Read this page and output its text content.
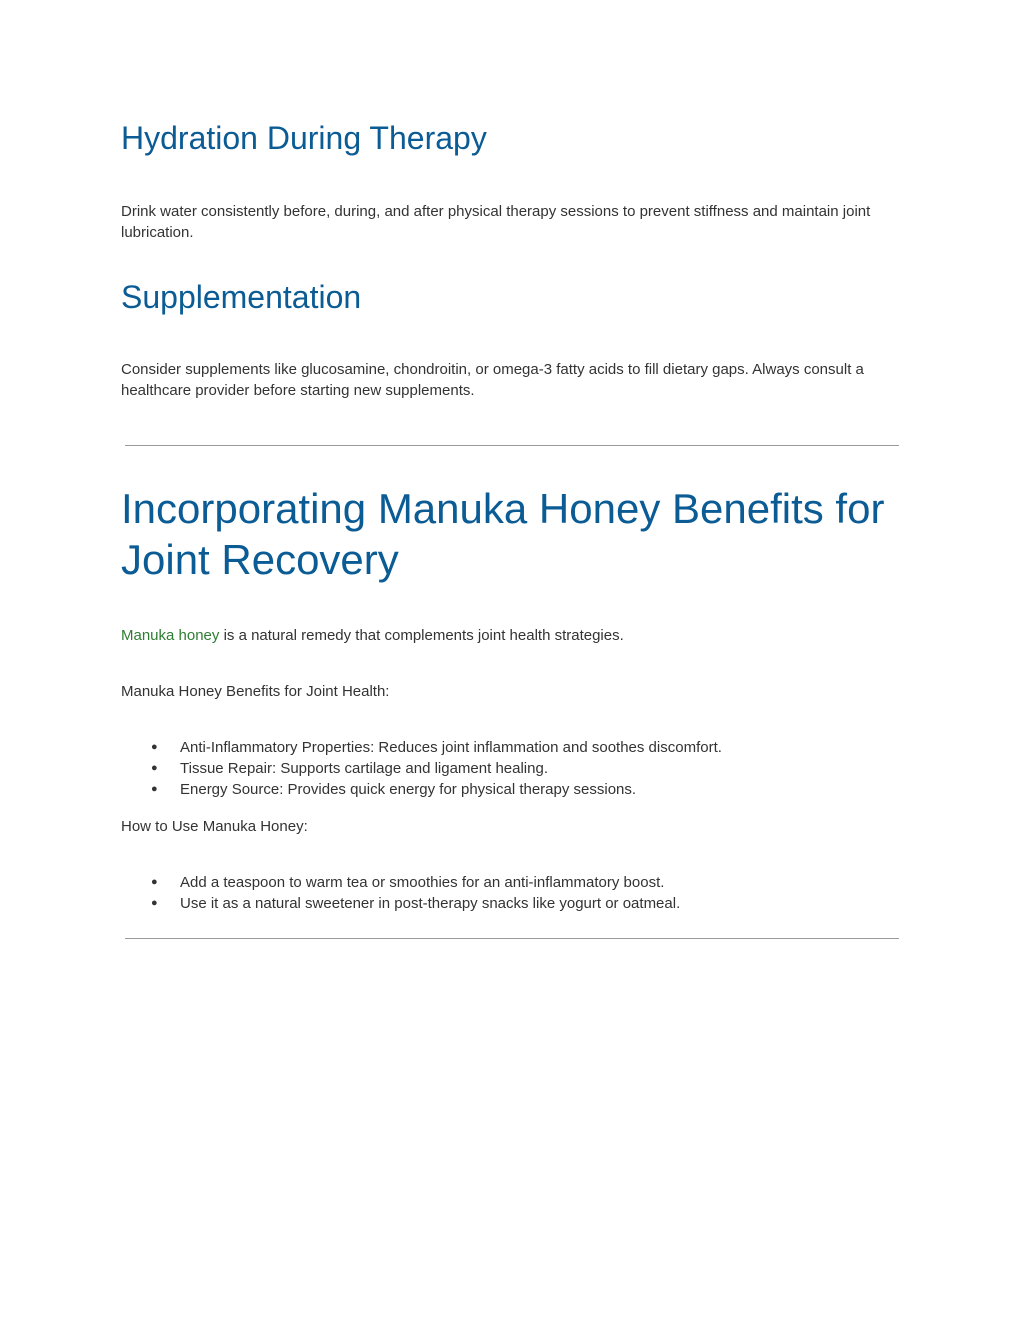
Hydration During Therapy

Drink water consistently before, during, and after physical therapy sessions to prevent stiffness and maintain joint lubrication.

Supplementation

Consider supplements like glucosamine, chondroitin, or omega-3 fatty acids to fill dietary gaps. Always consult a healthcare provider before starting new supplements.

Incorporating Manuka Honey Benefits for Joint Recovery

Manuka honey is a natural remedy that complements joint health strategies.

Manuka Honey Benefits for Joint Health:

● Anti-Inflammatory Properties: Reduces joint inflammation and soothes discomfort.
● Tissue Repair: Supports cartilage and ligament healing.
● Energy Source: Provides quick energy for physical therapy sessions.

How to Use Manuka Honey:

● Add a teaspoon to warm tea or smoothies for an anti-inflammatory boost.
● Use it as a natural sweetener in post-therapy snacks like yogurt or oatmeal.
